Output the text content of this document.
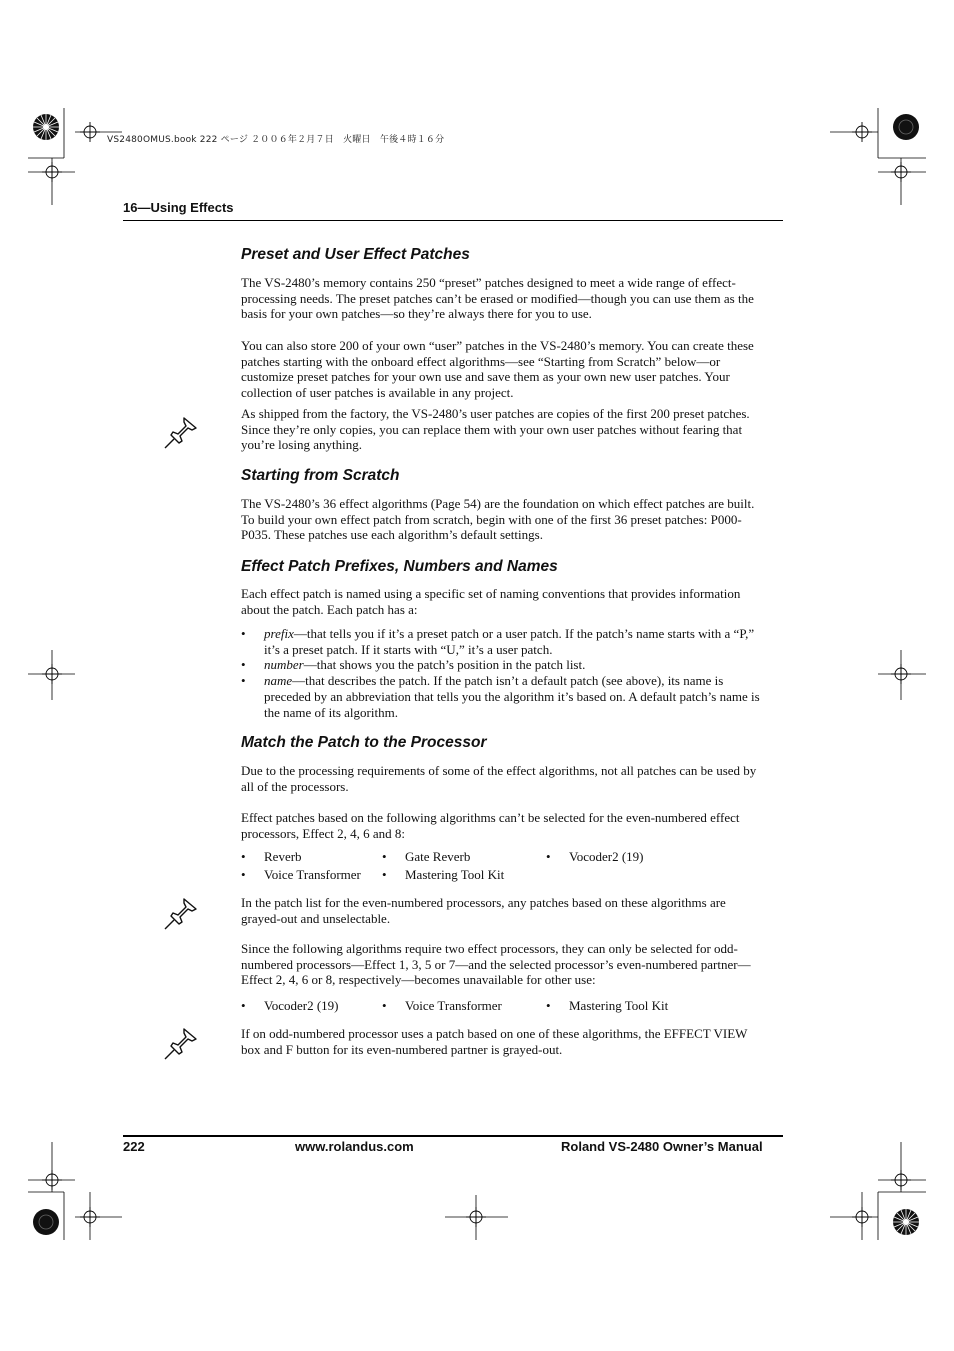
VS2480OMUS.book 222 ページ ２００６年２月７日　火曜日　午後４時１６分
16—Using Effects
Preset and User Effect Patches
The VS-2480’s memory contains 250 “preset” patches designed to meet a wide range of effect-processing needs. The preset patches can’t be erased or modified—though you can use them as the basis for your own patches—so they’re always there for you to use.
You can also store 200 of your own “user” patches in the VS-2480’s memory. You can create these patches starting with the onboard effect algorithms—see “Starting from Scratch” below—or customize preset patches for your own use and save them as your own new user patches. Your collection of user patches is available in any project.
As shipped from the factory, the VS-2480’s user patches are copies of the first 200 preset patches. Since they’re only copies, you can replace them with your own user patches without fearing that you’re losing anything.
Starting from Scratch
The VS-2480’s 36 effect algorithms (Page 54) are the foundation on which effect patches are built. To build your own effect patch from scratch, begin with one of the first 36 preset patches: P000-P035. These patches use each algorithm’s default settings.
Effect Patch Prefixes, Numbers and Names
Each effect patch is named using a specific set of naming conventions that provides information about the patch. Each patch has a:
• prefix—that tells you if it’s a preset patch or a user patch. If the patch’s name starts with a “P,” it’s a preset patch. If it starts with “U,” it’s a user patch.
• number—that shows you the patch’s position in the patch list.
• name—that describes the patch. If the patch isn’t a default patch (see above), its name is preceded by an abbreviation that tells you the algorithm it’s based on. A default patch’s name is the name of its algorithm.
Match the Patch to the Processor
Due to the processing requirements of some of the effect algorithms, not all patches can be used by all of the processors.
Effect patches based on the following algorithms can’t be selected for the even-numbered effect processors, Effect 2, 4, 6 and 8:
• Reverb	• Gate Reverb	• Vocoder2 (19)
• Voice Transformer	• Mastering Tool Kit
In the patch list for the even-numbered processors, any patches based on these algorithms are grayed-out and unselectable.
Since the following algorithms require two effect processors, they can only be selected for odd-numbered processors—Effect 1, 3, 5 or 7—and the selected processor’s even-numbered partner—Effect 2, 4, 6 or 8, respectively—becomes unavailable for other use:
• Vocoder2 (19)	• Voice Transformer	• Mastering Tool Kit
If on odd-numbered processor uses a patch based on one of these algorithms, the EFFECT VIEW box and F button for its even-numbered partner is grayed-out.
222	www.rolandus.com	Roland VS-2480 Owner’s Manual
